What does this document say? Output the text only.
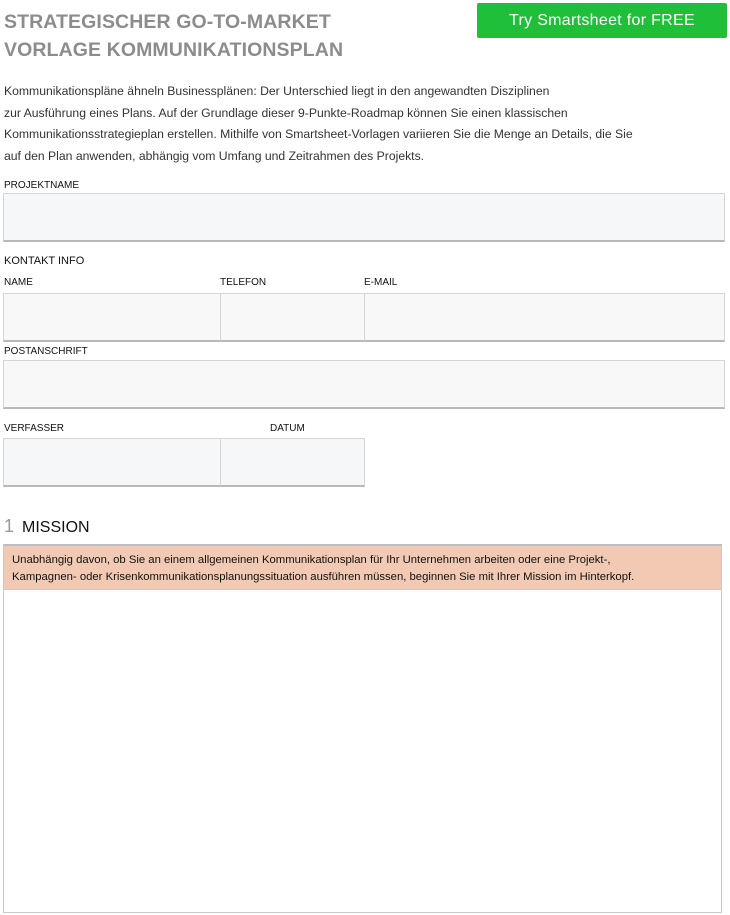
STRATEGISCHER GO-TO-MARKET
VORLAGE KOMMUNIKATIONSPLAN
Try Smartsheet for FREE
Kommunikationspläne ähneln Businessplänen: Der Unterschied liegt in den angewandten Disziplinen
zur Ausführung eines Plans. Auf der Grundlage dieser 9-Punkte-Roadmap können Sie einen klassischen
Kommunikationsstrategieplan erstellen. Mithilfe von Smartsheet-Vorlagen variieren Sie die Menge an Details, die Sie
auf den Plan anwenden, abhängig vom Umfang und Zeitrahmen des Projekts.
PROJEKTNAME
KONTAKT INFO
NAME	TELEFON	E-MAIL
POSTANSCHRIFT
VERFASSER	DATUM
1 MISSION
Unabhängig davon, ob Sie an einem allgemeinen Kommunikationsplan für Ihr Unternehmen arbeiten oder eine Projekt-,
Kampagnen- oder Krisenkommunikationsplanungssituation ausführen müssen, beginnen Sie mit Ihrer Mission im Hinterkopf.
